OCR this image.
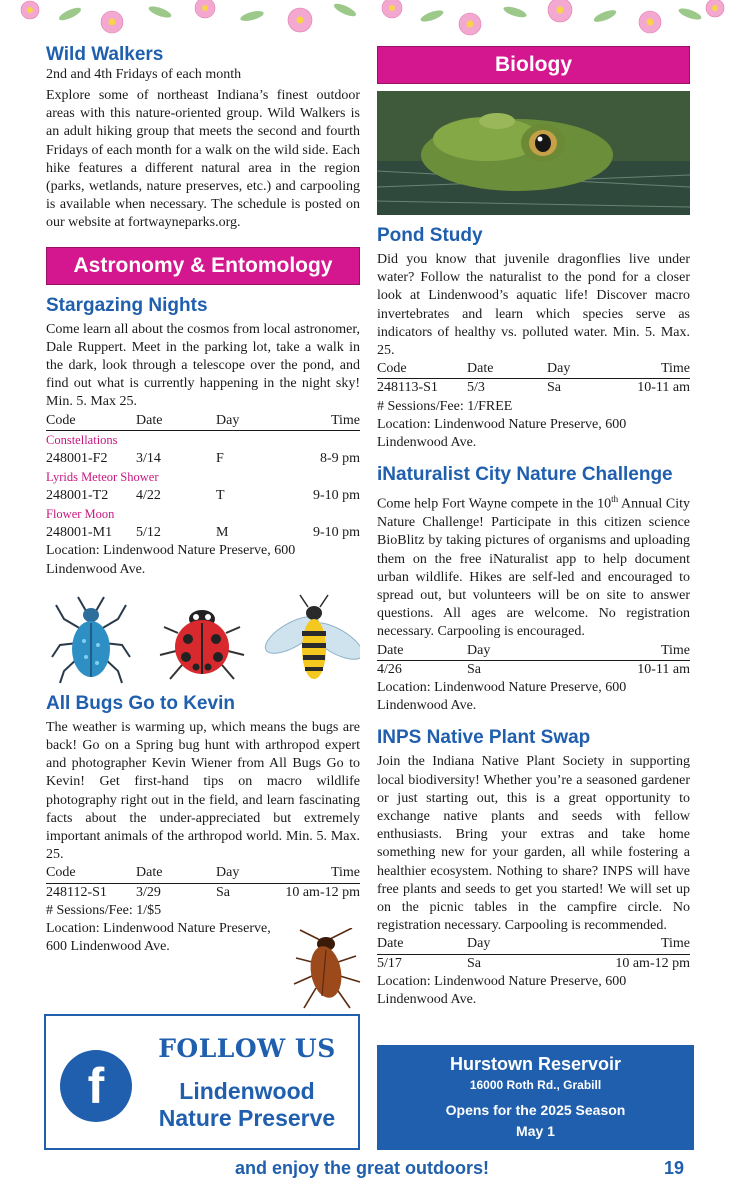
Wild Walkers
2nd and 4th Fridays of each month
Explore some of northeast Indiana’s finest outdoor areas with this nature-oriented group. Wild Walkers is an adult hiking group that meets the second and fourth Fridays of each month for a walk on the wild side. Each hike features a different natural area in the region (parks, wetlands, nature preserves, etc.) and carpooling is available when necessary. The schedule is posted on our website at fortwayneparks.org.
Astronomy & Entomology
Stargazing Nights
Come learn all about the cosmos from local astronomer, Dale Ruppert. Meet in the parking lot, take a walk in the dark, look through a telescope over the pond, and find out what is currently happening in the night sky! Min. 5. Max 25.
Code	Date	Day	Time
Constellations
248001-F2	3/14	F	8-9 pm
Lyrids Meteor Shower
248001-T2	4/22	T	9-10 pm
Flower Moon
248001-M1	5/12	M	9-10 pm
Location: Lindenwood Nature Preserve, 600 Lindenwood Ave.
All Bugs Go to Kevin
The weather is warming up, which means the bugs are back! Go on a Spring bug hunt with arthropod expert and photographer Kevin Wiener from All Bugs Go to Kevin! Get first-hand tips on macro wildlife photography right out in the field, and learn fascinating facts about the under-appreciated but extremely important animals of the arthropod world. Min. 5. Max. 25.
Code	Date	Day	Time
248112-S1	3/29	Sa	10 am-12 pm
# Sessions/Fee: 1/$5
Location: Lindenwood Nature Preserve,
600 Lindenwood Ave.
Biology
Pond Study
Did you know that juvenile dragonflies live under water? Follow the naturalist to the pond for a closer look at Lindenwood’s aquatic life! Discover macro invertebrates and learn which species serve as indicators of healthy vs. polluted water. Min. 5. Max. 25.
Code	Date	Day	Time
248113-S1	5/3	Sa	10-11 am
# Sessions/Fee: 1/FREE
Location: Lindenwood Nature Preserve, 600 Lindenwood Ave.
iNaturalist City Nature Challenge
Come help Fort Wayne compete in the 10th Annual City Nature Challenge! Participate in this citizen science BioBlitz by taking pictures of organisms and uploading them on the free iNaturalist app to help document urban wildlife. Hikes are self-led and encouraged to spread out, but volunteers will be on site to answer questions. All ages are welcome. No registration necessary. Carpooling is encouraged.
Date	Day	Time
4/26	Sa	10-11 am
Location: Lindenwood Nature Preserve, 600 Lindenwood Ave.
INPS Native Plant Swap
Join the Indiana Native Plant Society in supporting local biodiversity! Whether you’re a seasoned gardener or just starting out, this is a great opportunity to exchange native plants and seeds with fellow enthusiasts. Bring your extras and take home something new for your garden, all while fostering a healthier ecosystem. Nothing to share? INPS will have free plants and seeds to get you started! We will set up on the picnic tables in the campfire circle. No registration necessary. Carpooling is recommended.
Date	Day	Time
5/17	Sa	10 am-12 pm
Location: Lindenwood Nature Preserve, 600 Lindenwood Ave.
f
FOLLOW US
Lindenwood
Nature Preserve
Hurstown Reservoir
16000 Roth Rd., Grabill
Opens for the 2025 Season
May 1
and enjoy the great outdoors!	19
